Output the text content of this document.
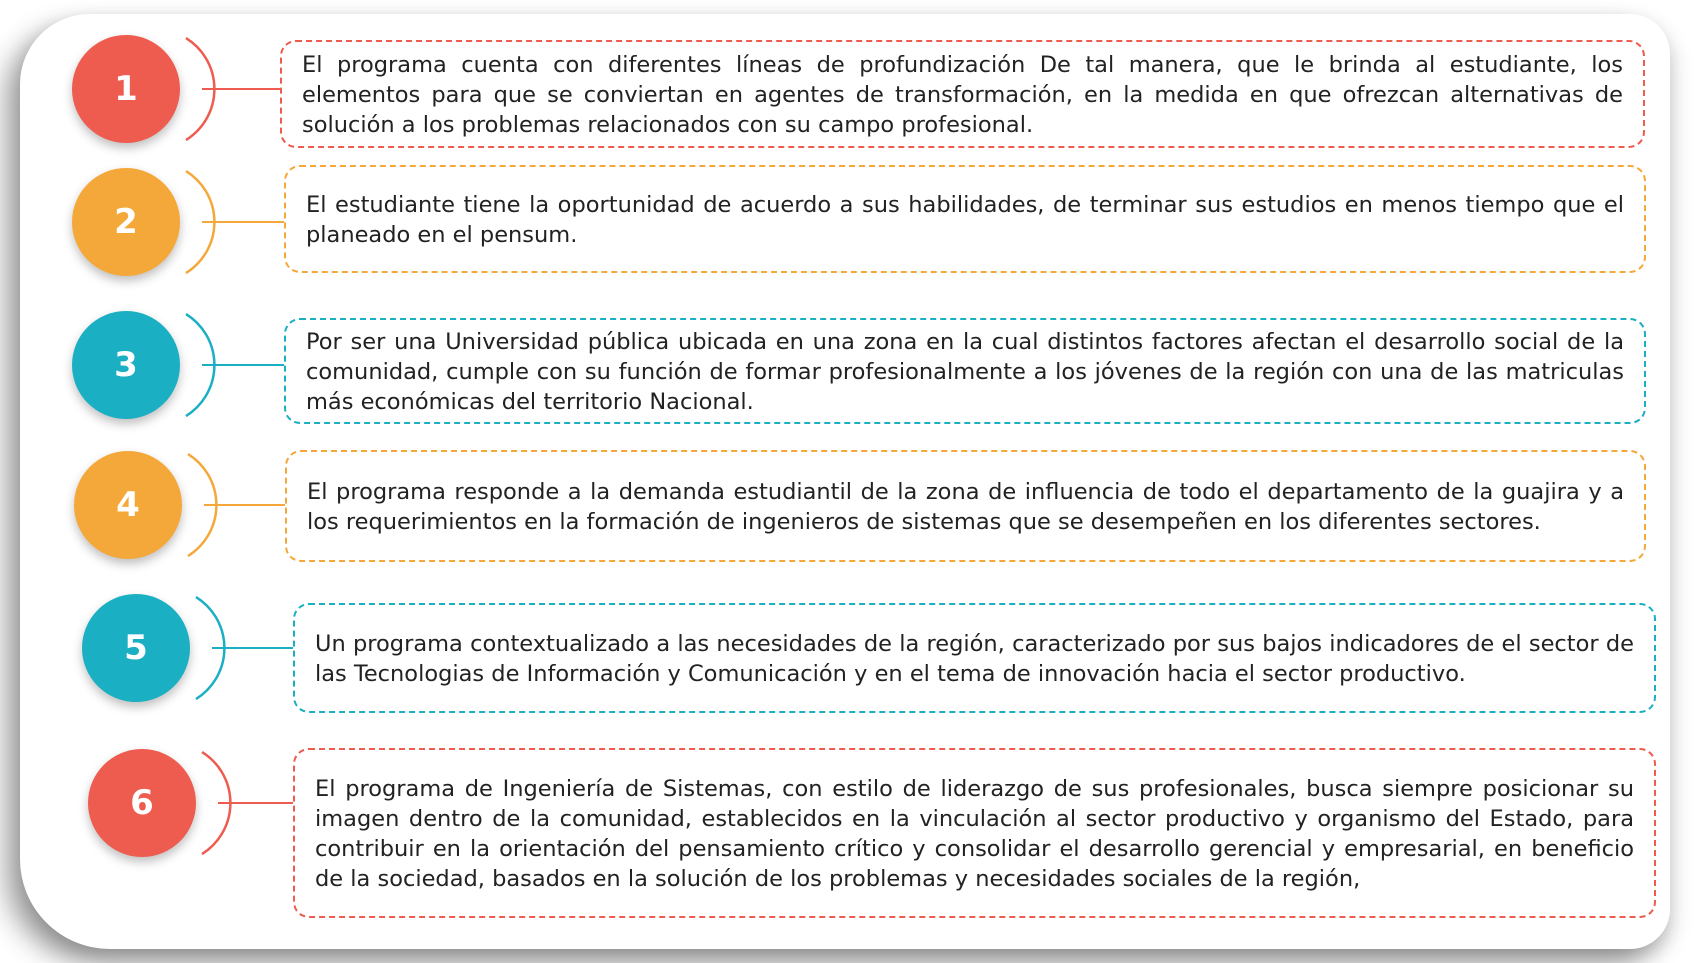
1
El programa cuenta con diferentes líneas de profundización De tal manera, que le brinda al estudiante, los elementos para que se conviertan en agentes de transformación, en la medida en que ofrezcan alternativas de solución a los problemas relacionados con su campo profesional.
2	El estudiante tiene la oportunidad de acuerdo a sus habilidades, de terminar sus estudios en menos tiempo que el planeado en el pensum.
3
Por ser una Universidad pública ubicada en una zona en la cual distintos factores afectan el desarrollo social de la comunidad, cumple con su función de formar profesionalmente a los jóvenes de la región con una de las matriculas más económicas del territorio Nacional.
4	El programa responde a la demanda estudiantil de la zona de influencia de todo el departamento de la guajira y a los requerimientos en la formación de ingenieros de sistemas que se desempeñen en los diferentes sectores.
5	Un programa contextualizado a las necesidades de la región, caracterizado por sus bajos indicadores de el sector de las Tecnologias de Información y Comunicación y en el tema de innovación hacia el sector productivo.
6	El programa de Ingeniería de Sistemas, con estilo de liderazgo de sus profesionales, busca siempre posicionar su imagen dentro de la comunidad, establecidos en la vinculación al sector productivo y organismo del Estado, para contribuir en la orientación del pensamiento crítico y consolidar el desarrollo gerencial y empresarial, en beneficio de la sociedad, basados en la solución de los problemas y necesidades sociales de la región,
